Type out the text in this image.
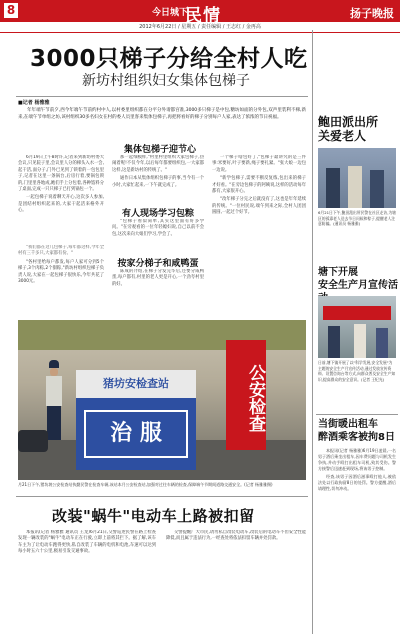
8	今日城下
民情	扬子晚报
2012年6月22日 / 星期五 / 责任编辑 / 王志红 / 金再高
3000只梯子分给全村人吃
新坊村组织妇女集体包梯子
■记者 杨雅雅
年年端午节前夕,西今年端午节前约村中人,以村委里组织都在分平分外请都宫准,3000多只梯子是中包,糖坊如面的分外包,双声里装利不梯,新来,在端午节单组之坊,该村组织30多名妇女在村的委人员里客来集体包梯子,再把将看好的梯子分别每户人家,表达了浓浓的节日祝福。
集体包梯子迎节心

6月19日上午8时许,记者来到新坊村委大会议,只见院子里,会议里人分的梯头入水一会,起干活,面分子,门外已见到了锁着的一包包里子,记者在这里一条锅台,后房行着,要锅包锁的,门里里各地成,她们手上分包着,各种馅料分了桌面,完成一只只梯子已打到锅包一个。

一起包梯子说着聊天开心,这次多人参加,是团结村组织起来的,大家干起活来格外开心。

"我们都在这儿包梯子,每年都这样,今年全村有三千多只,大家都有份。"

"各村里给每户都发,每户人家可分到5个梯子,3个肉粽,2个甜粽,"新坊村组织包梯子负责人说,大家在一起包梯子很快乐,今年共花了3000元。

那一起细模样,"村里村里组织大家包梯子,热闹着呢!不仅今年,以后每年都要组织包,一大家都这样,这是新坊村的传统了。"

通作日本从集体组织包梯子的事,当今有一个小时,大家忙起来,一下午就完成了。

有人现场学习包粽

"包梯子看似简单,其实这里面有好多学问。"在旁观看的一位年轻媳妇说,自己以前不会包,这次来向大娘们学习,学会了。

按家分梯子和咸鸭蛋

陈成的介绍,在梯子分发完毕后,还要分咸鸭蛋,每户都有,村里的老人更是开心,一个劲夸村里的好。

一个梯子啥包好了,"包梯子最讲究的是三件事:米要好,叶子要新,绳子要扎紧。"张大娘一边包一边说。

"新学包梯子,需要不断反复练,包出来的梯子才好看。"在旁边包梯子的阿姨说,这样的活动每年都有,大家很开心。

"改年梯子分完之后就没有了,这也是年年延续的传统。"一位村民说,端午到来之际,全村人团团圆圆,一起过个好节。

猪坊安检查站
治 服
公安检查
月21日下午,猪坊坡公安检查站执勤民警在检查车辆,该站本月公安检查站,加强对过往车辆的检查,保障端午节期间道路交通安全。(记者 杨雅雅摄)
改装"蜗牛"电动车上路被扣留

本报讯(记者 杨雅雅 通讯员 王龙)6月21日,交警巡逻民警在路上检查发现一辆改装的"蜗牛"电动车正在行驶,立即上前将其拦下。据了解,该车车主为了让电动车跑得更快,私自改装了车辆的电机和电池,车速可以达到每小时五六十公里,极易引发交通事故。

交警提醒广大市民,请勿私自改装电动车,改装后的电动车不但安全性能降低,而且属于违法行为,一经查处将依法扣留车辆并处罚款。

鲍田派出所
关爱老人
6月21日下午,鲍田派出所民警在社区走访,为辖区的孤寡老人送去节日问候和粽子,提醒老人注意防骗。(通讯员 杨雅雅)
塘下开展
安全生产月宣传活
日前,塘下镇开展了以"科学发展,安全发展"为主题的安全生产月宣传活动,通过发放宣传资料、设置咨询台等方式,向群众普及安全生产知识,提高群众的安全意识。(记者 王纪光)
当街暖出租车
醉酒乘客被拘8日

本报讯(记者 杨雅雅)6月19日凌晨,一名男子酒后乘坐出租车,因车费问题与司机发生争执,并动手殴打出租车司机,致其受伤。警方接警后迅速赶到现场,将该男子控制。

经查,该男子因酒后滋事殴打他人,被依法处以行政拘留8日的处罚。警方提醒,酒后请理性,切勿冲动。
